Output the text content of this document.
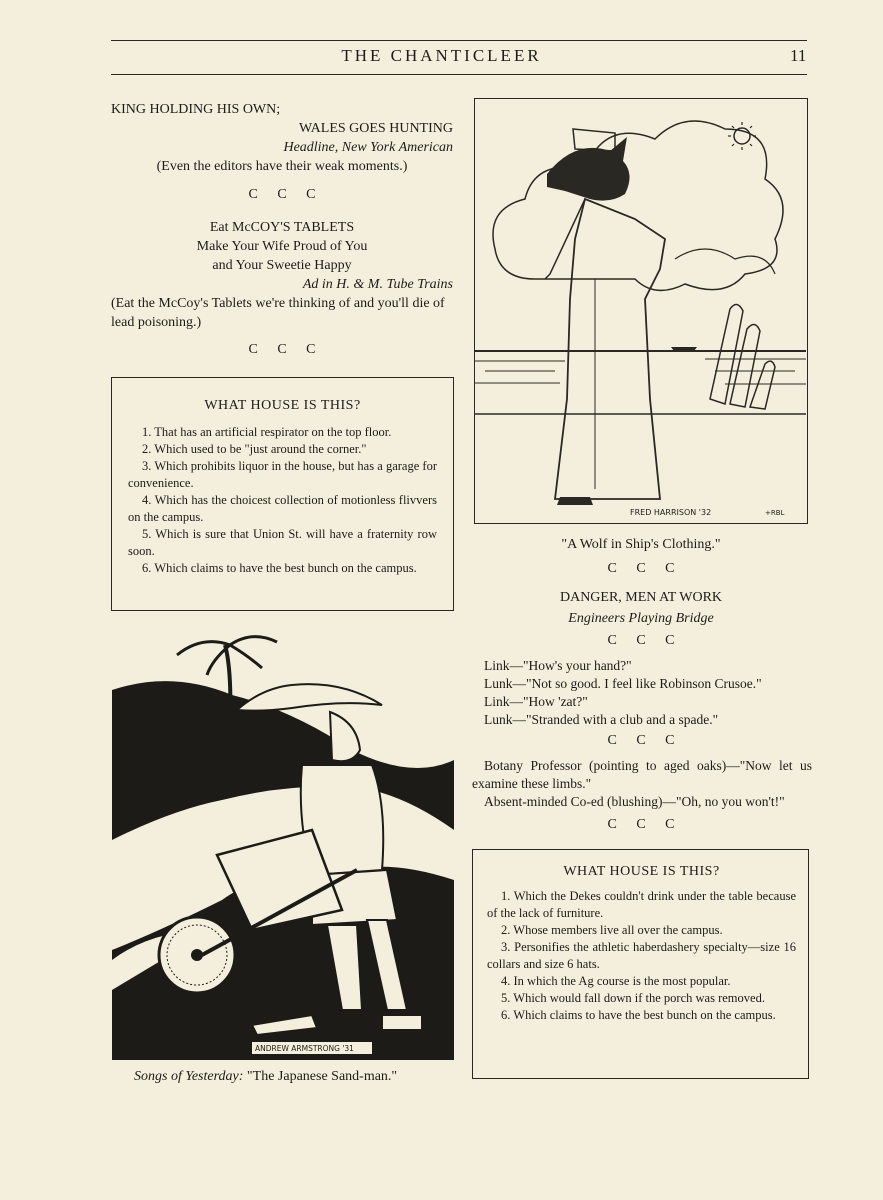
THE CHANTICLEER	11
KING HOLDING HIS OWN;
WALES GOES HUNTING
Headline, New York American
(Even the editors have their weak moments.)
C C C
Eat McCOY'S TABLETS
Make Your Wife Proud of You
and Your Sweetie Happy
Ad in H. & M. Tube Trains
(Eat the McCoy's Tablets we're thinking of and you'll die of lead poisoning.)
C C C
WHAT HOUSE IS THIS?
1. That has an artificial respirator on the top floor.
2. Which used to be "just around the corner."
3. Which prohibits liquor in the house, but has a garage for convenience.
4. Which has the choicest collection of motionless flivvers on the campus.
5. Which is sure that Union St. will have a fraternity row soon.
6. Which claims to have the best bunch on the campus.
FRED HARRISON '32	+RBL
"A Wolf in Ship's Clothing."
C C C
DANGER, MEN AT WORK
Engineers Playing Bridge
C C C
Link—"How's your hand?"
Lunk—"Not so good. I feel like Robinson Crusoe."
Link—"How 'zat?"
Lunk—"Stranded with a club and a spade."
C C C
Botany Professor (pointing to aged oaks)—"Now let us examine these limbs."
Absent-minded Co-ed (blushing)—"Oh, no you won't!"
C C C
WHAT HOUSE IS THIS?
1. Which the Dekes couldn't drink under the table because of the lack of furniture.
2. Whose members live all over the campus.
3. Personifies the athletic haberdashery specialty—size 16 collars and size 6 hats.
4. In which the Ag course is the most popular.
5. Which would fall down if the porch was removed.
6. Which claims to have the best bunch on the campus.
ANDREW ARMSTRONG '31
Songs of Yesterday: "The Japanese Sand-man."
